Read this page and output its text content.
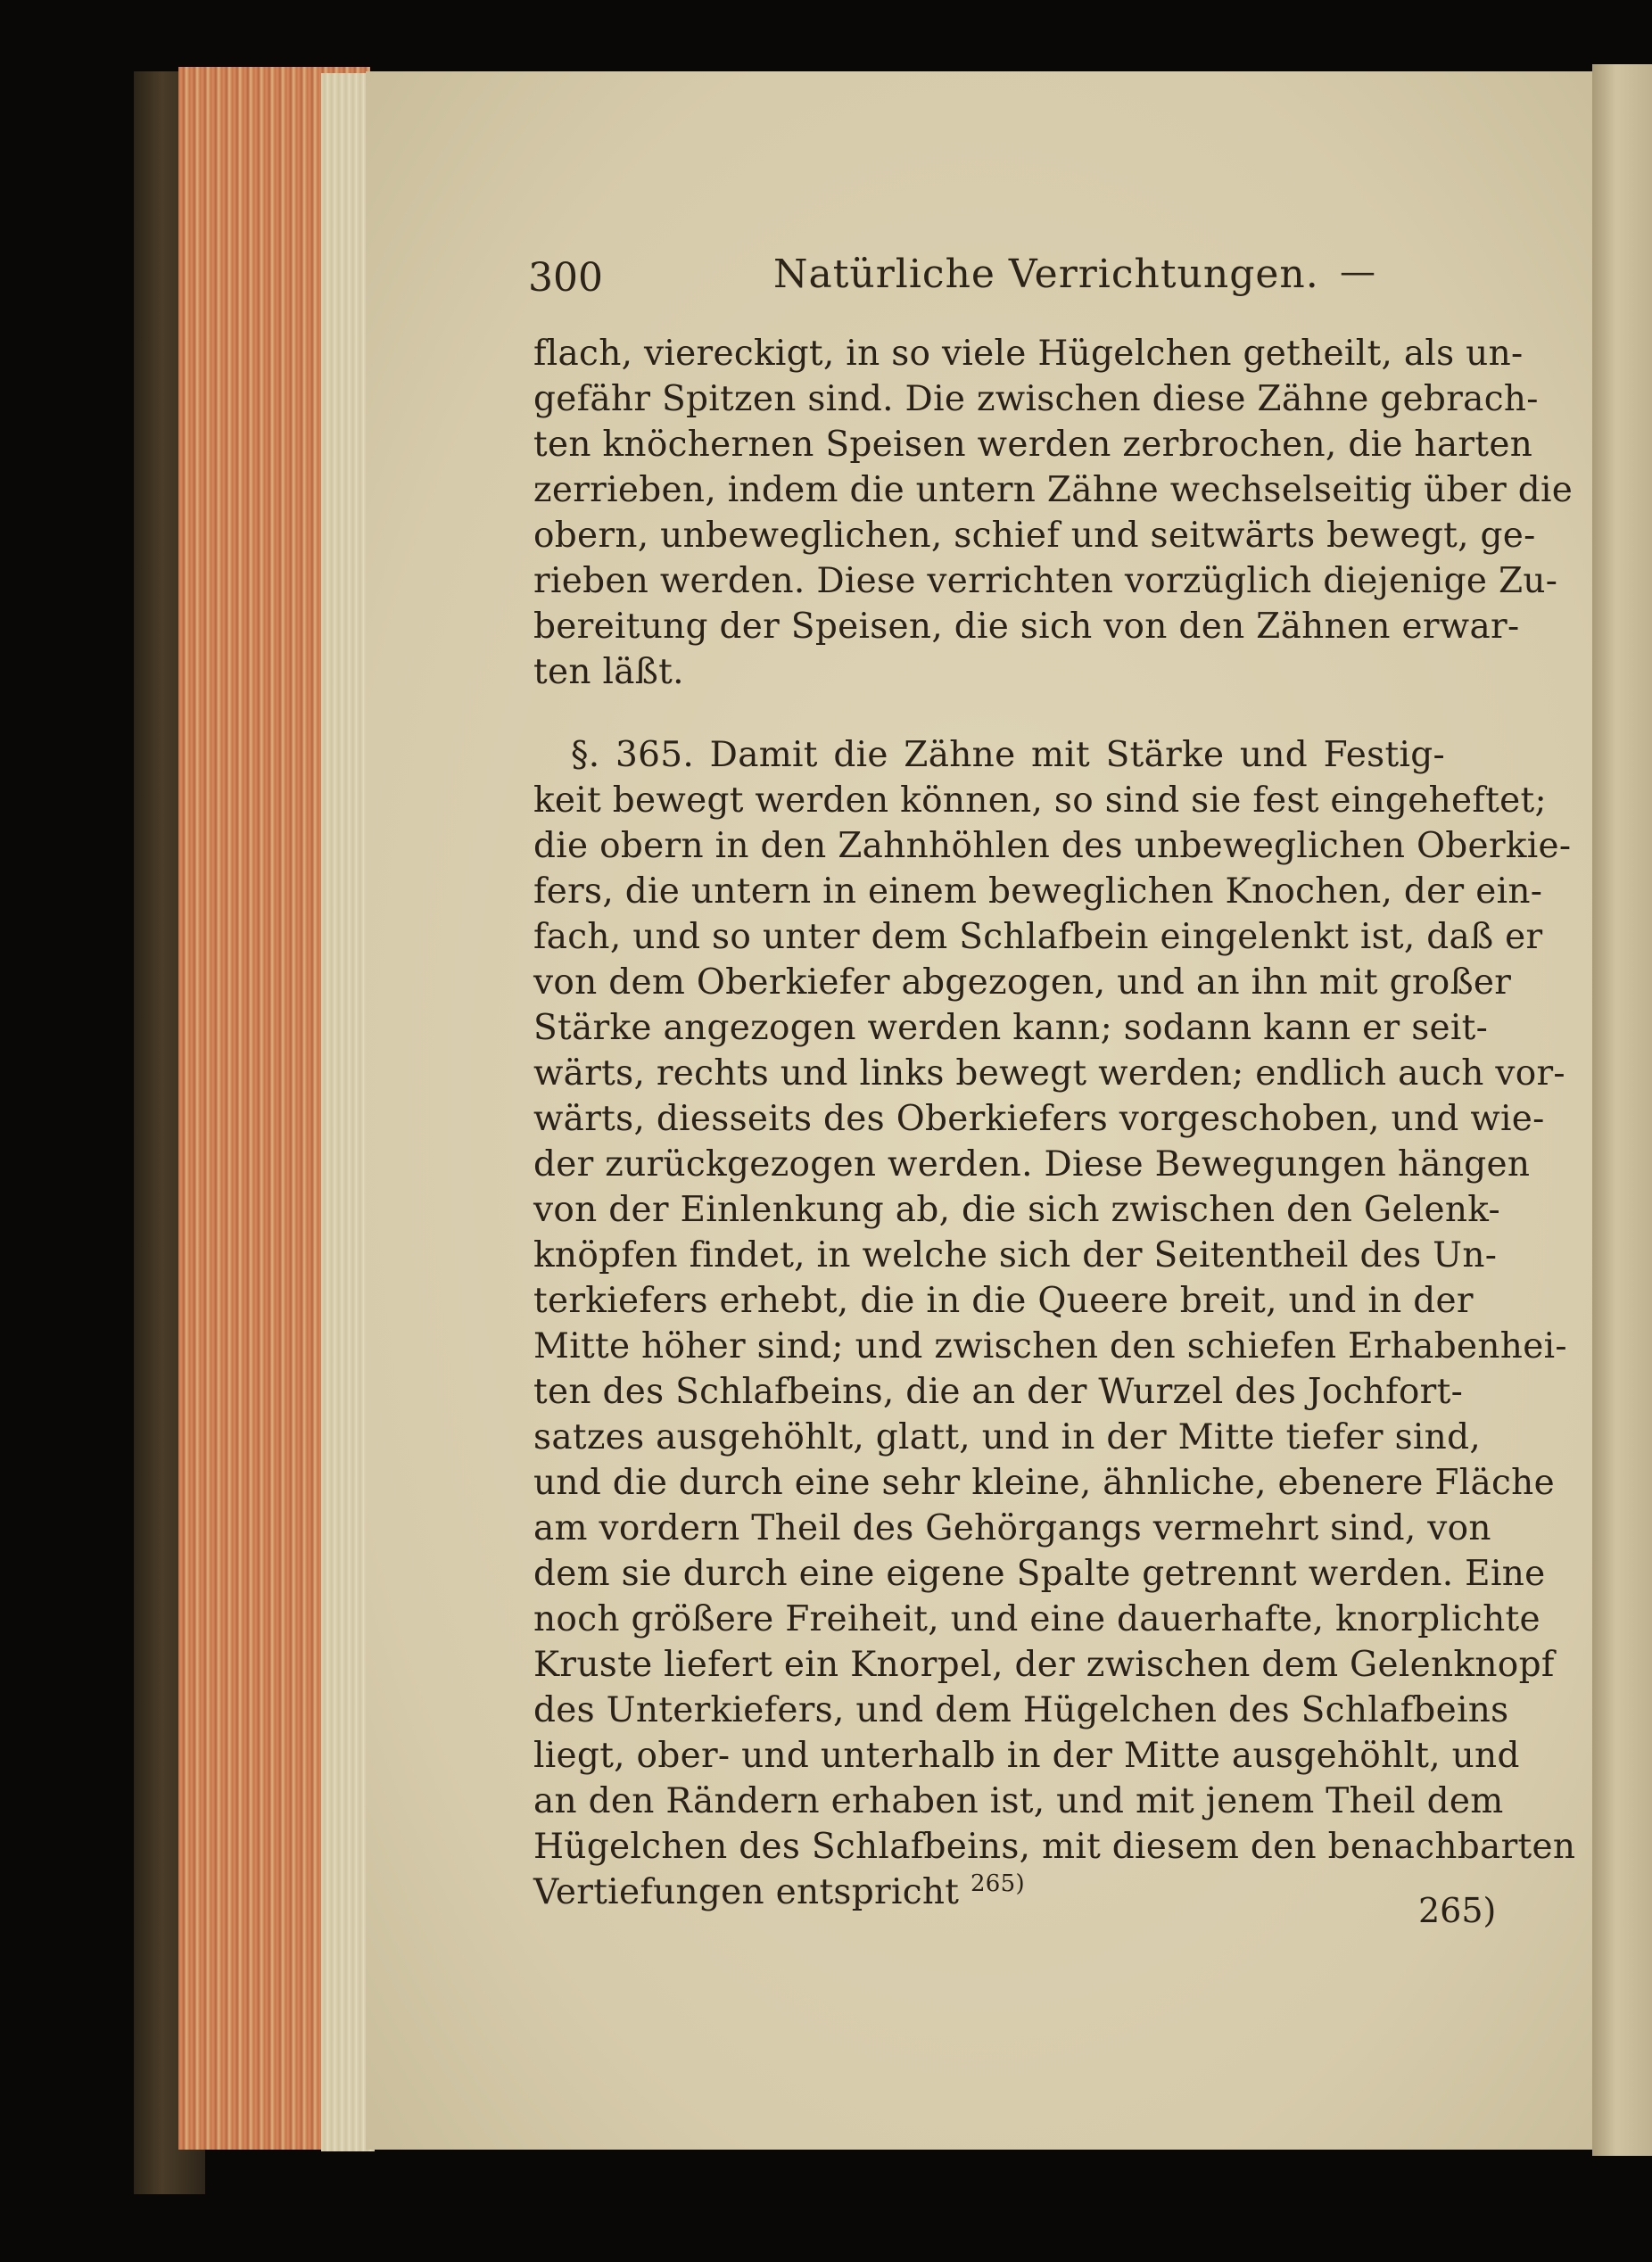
300	Natürliche Verrichtungen. —

flach, viereckigt, in so viele Hügelchen getheilt, als un-

gefähr Spitzen sind. Die zwischen diese Zähne gebrach-

ten knöchernen Speisen werden zerbrochen, die harten

zerrieben, indem die untern Zähne wechselseitig über die

obern, unbeweglichen, schief und seitwärts bewegt, ge-

rieben werden. Diese verrichten vorzüglich diejenige Zu-

bereitung der Speisen, die sich von den Zähnen erwar-

ten läßt.

§. 365. Damit die Zähne mit Stärke und Festig-

keit bewegt werden können, so sind sie fest eingeheftet;

die obern in den Zahnhöhlen des unbeweglichen Oberkie-

fers, die untern in einem beweglichen Knochen, der ein-

fach, und so unter dem Schlafbein eingelenkt ist, daß er

von dem Oberkiefer abgezogen, und an ihn mit großer

Stärke angezogen werden kann; sodann kann er seit-

wärts, rechts und links bewegt werden; endlich auch vor-

wärts, diesseits des Oberkiefers vorgeschoben, und wie-

der zurückgezogen werden. Diese Bewegungen hängen

von der Einlenkung ab, die sich zwischen den Gelenk-

knöpfen findet, in welche sich der Seitentheil des Un-

terkiefers erhebt, die in die Queere breit, und in der

Mitte höher sind; und zwischen den schiefen Erhabenhei-

ten des Schlafbeins, die an der Wurzel des Jochfort-

satzes ausgehöhlt, glatt, und in der Mitte tiefer sind,

und die durch eine sehr kleine, ähnliche, ebenere Fläche

am vordern Theil des Gehörgangs vermehrt sind, von

dem sie durch eine eigene Spalte getrennt werden. Eine

noch größere Freiheit, und eine dauerhafte, knorplichte

Kruste liefert ein Knorpel, der zwischen dem Gelenknopf

des Unterkiefers, und dem Hügelchen des Schlafbeins

liegt, ober- und unterhalb in der Mitte ausgehöhlt, und

an den Rändern erhaben ist, und mit jenem Theil dem

Hügelchen des Schlafbeins, mit diesem den benachbarten

Vertiefungen entspricht $^{265)}$

265)
